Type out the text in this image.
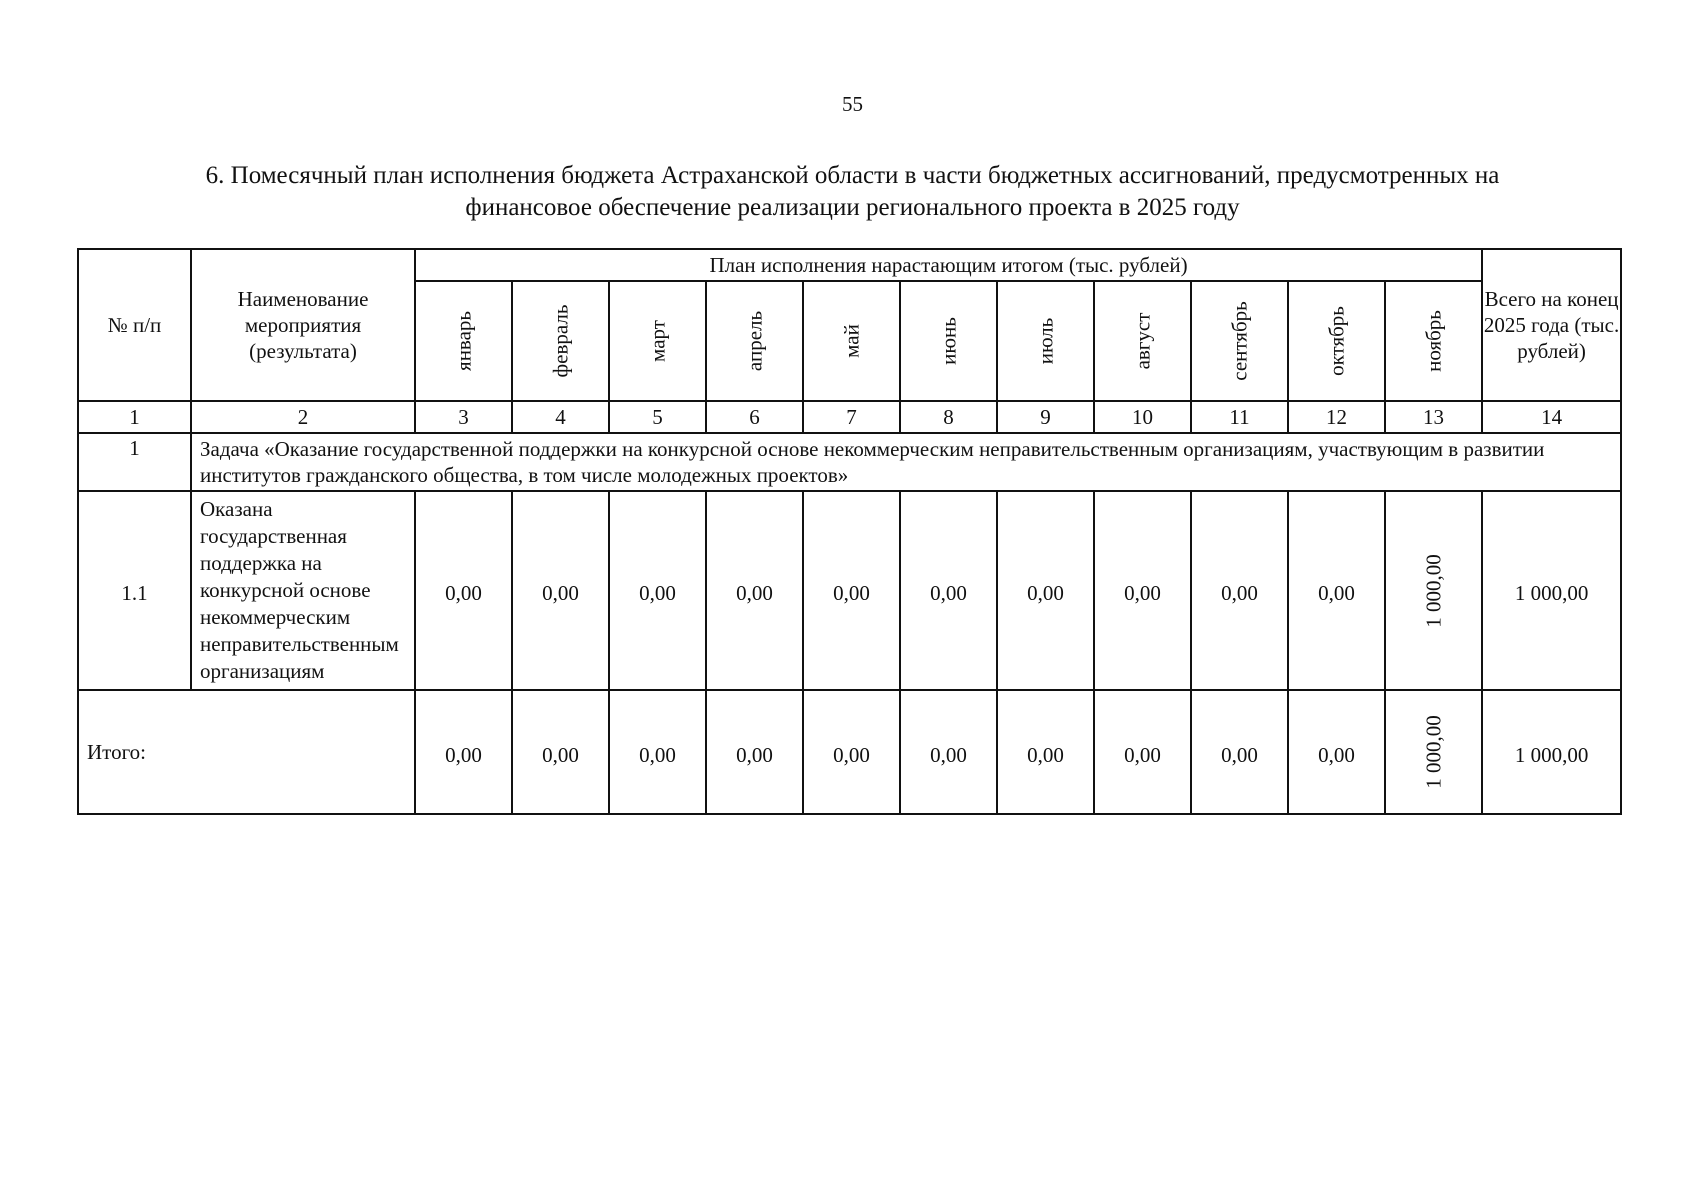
55
6. Помесячный план исполнения бюджета Астраханской области в части бюджетных ассигнований, предусмотренных на
финансовое обеспечение реализации регионального проекта в 2025 году
№ п/п	Наименование мероприятия (результата)	План исполнения нарастающим итогом (тыс. рублей)											Всего на конец 2025 года (тыс. рублей)

		январь	февраль	март	апрель	май	июнь	июль	август	сентябрь	октябрь	ноябрь	

1	2	3	4	5	6	7	8	9	10	11	12	13	14
1	Задача «Оказание государственной поддержки на конкурсной основе некоммерческим неправительственным организациям, участвующим в развитии институтов гражданского общества, в том числе молодежных проектов»												

1.1	Оказана государственная поддержка на конкурсной основе некоммерческим неправительственным организациям	0,00	0,00	0,00	0,00	0,00	0,00	0,00	0,00	0,00	0,00	1 000,00	1 000,00

Итого:		0,00	0,00	0,00	0,00	0,00	0,00	0,00	0,00	0,00	0,00	1 000,00	1 000,00
